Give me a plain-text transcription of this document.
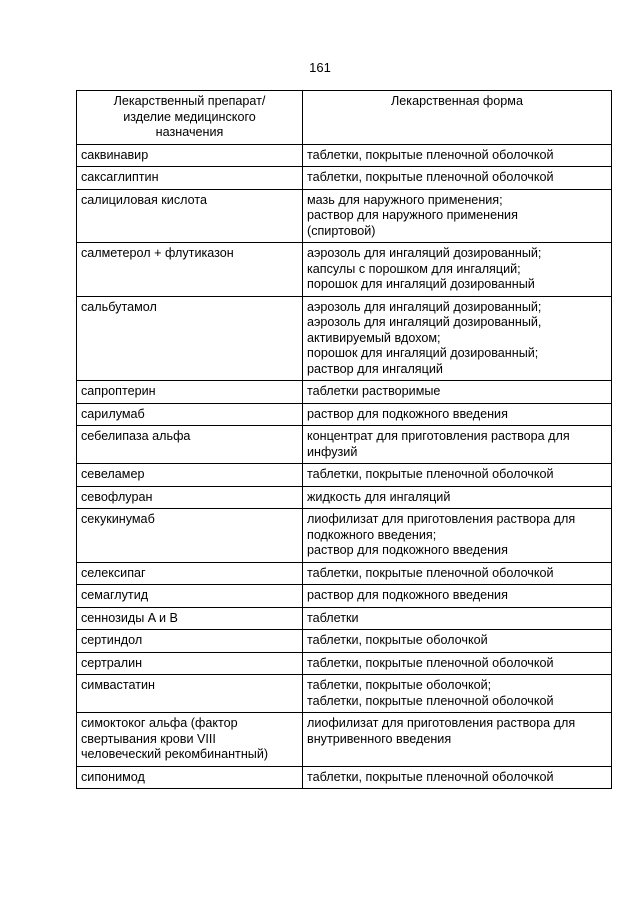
161
Лекарственный препарат/
изделие медицинского
назначения	Лекарственная форма

саквинавир	таблетки, покрытые пленочной оболочкой

саксаглиптин	таблетки, покрытые пленочной оболочкой

салициловая кислота	мазь для наружного применения;
раствор для наружного применения
(спиртовой)

салметерол + флутиказон	аэрозоль для ингаляций дозированный;
капсулы с порошком для ингаляций;
порошок для ингаляций дозированный

сальбутамол	аэрозоль для ингаляций дозированный;
аэрозоль для ингаляций дозированный,
активируемый вдохом;
порошок для ингаляций дозированный;
раствор для ингаляций

сапроптерин	таблетки растворимые

сарилумаб	раствор для подкожного введения

себелипаза альфа	концентрат для приготовления раствора для
инфузий

севеламер	таблетки, покрытые пленочной оболочкой

севофлуран	жидкость для ингаляций

секукинумаб	лиофилизат для приготовления раствора для
подкожного введения;
раствор для подкожного введения

селексипаг	таблетки, покрытые пленочной оболочкой

семаглутид	раствор для подкожного введения

сеннозиды A и B	таблетки

сертиндол	таблетки, покрытые оболочкой

сертралин	таблетки, покрытые пленочной оболочкой

симвастатин	таблетки, покрытые оболочкой;
таблетки, покрытые пленочной оболочкой

симоктоког альфа (фактор
свертывания крови VIII
человеческий рекомбинантный)	лиофилизат для приготовления раствора для
внутривенного введения

сипонимод	таблетки, покрытые пленочной оболочкой
